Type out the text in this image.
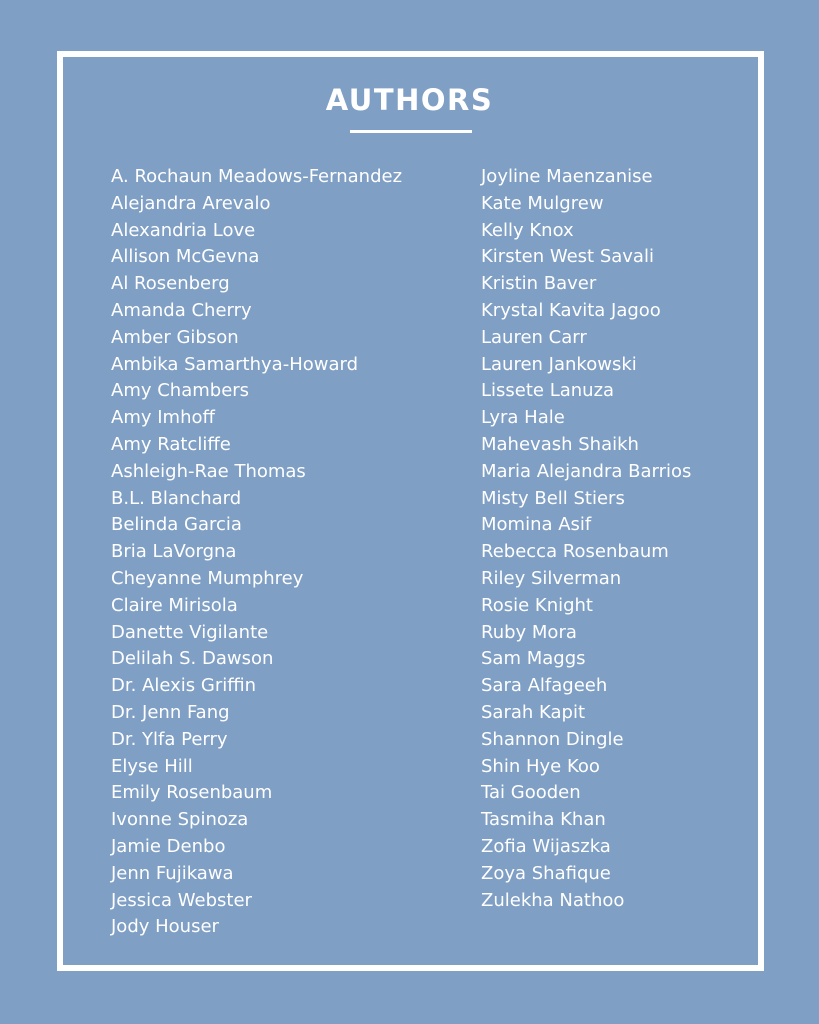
AUTHORS
A. Rochaun Meadows-Fernandez
Alejandra Arevalo
Alexandria Love
Allison McGevna
Al Rosenberg
Amanda Cherry
Amber Gibson
Ambika Samarthya-Howard
Amy Chambers
Amy Imhoff
Amy Ratcliffe
Ashleigh-Rae Thomas
B.L. Blanchard
Belinda Garcia
Bria LaVorgna
Cheyanne Mumphrey
Claire Mirisola
Danette Vigilante
Delilah S. Dawson
Dr. Alexis Griffin
Dr. Jenn Fang
Dr. Ylfa Perry
Elyse Hill
Emily Rosenbaum
Ivonne Spinoza
Jamie Denbo
Jenn Fujikawa
Jessica Webster
Jody Houser
Joyline Maenzanise
Kate Mulgrew
Kelly Knox
Kirsten West Savali
Kristin Baver
Krystal Kavita Jagoo
Lauren Carr
Lauren Jankowski
Lissete Lanuza
Lyra Hale
Mahevash Shaikh
Maria Alejandra Barrios
Misty Bell Stiers
Momina Asif
Rebecca Rosenbaum
Riley Silverman
Rosie Knight
Ruby Mora
Sam Maggs
Sara Alfageeh
Sarah Kapit
Shannon Dingle
Shin Hye Koo
Tai Gooden
Tasmiha Khan
Zofia Wijaszka
Zoya Shafique
Zulekha Nathoo
